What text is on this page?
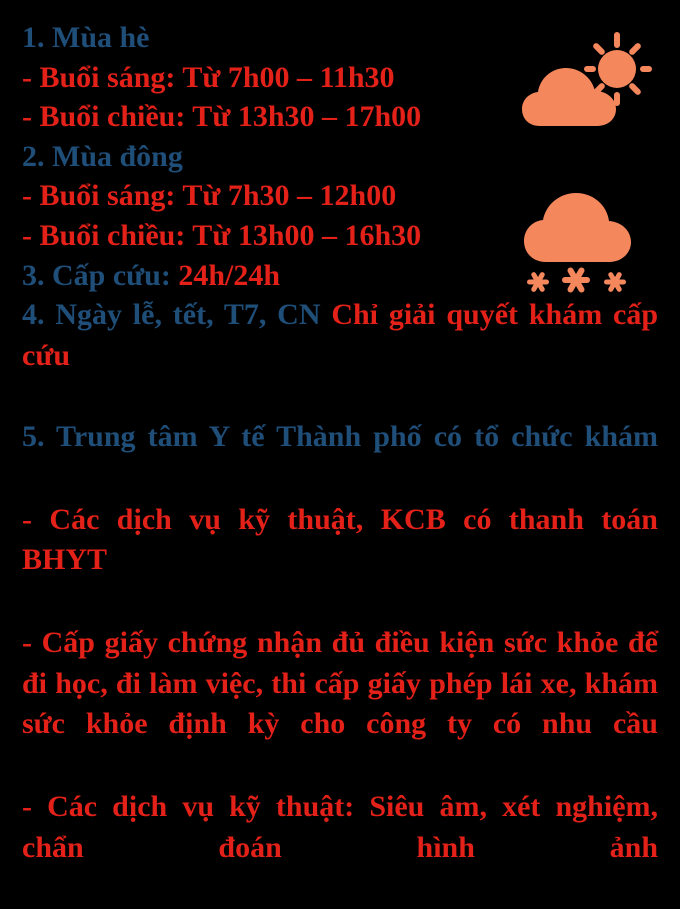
1. Mùa hè
- Buổi sáng: Từ 7h00 – 11h30
- Buổi chiều: Từ 13h30 – 17h00
2. Mùa đông
- Buổi sáng: Từ 7h30 – 12h00
- Buổi chiều: Từ 13h00 – 16h30
3. Cấp cứu: 24h/24h
4. Ngày lễ, tết, T7, CN Chỉ giải quyết khám cấp cứu
5. Trung tâm Y tế Thành phố có tổ chức khám
- Các dịch vụ kỹ thuật, KCB có thanh toán BHYT
- Cấp giấy chứng nhận đủ điều kiện sức khỏe để đi học, đi làm việc, thi cấp giấy phép lái xe, khám sức khỏe định kỳ cho công ty có nhu cầu
- Các dịch vụ kỹ thuật: Siêu âm, xét nghiệm, chẩn đoán hình ảnh
